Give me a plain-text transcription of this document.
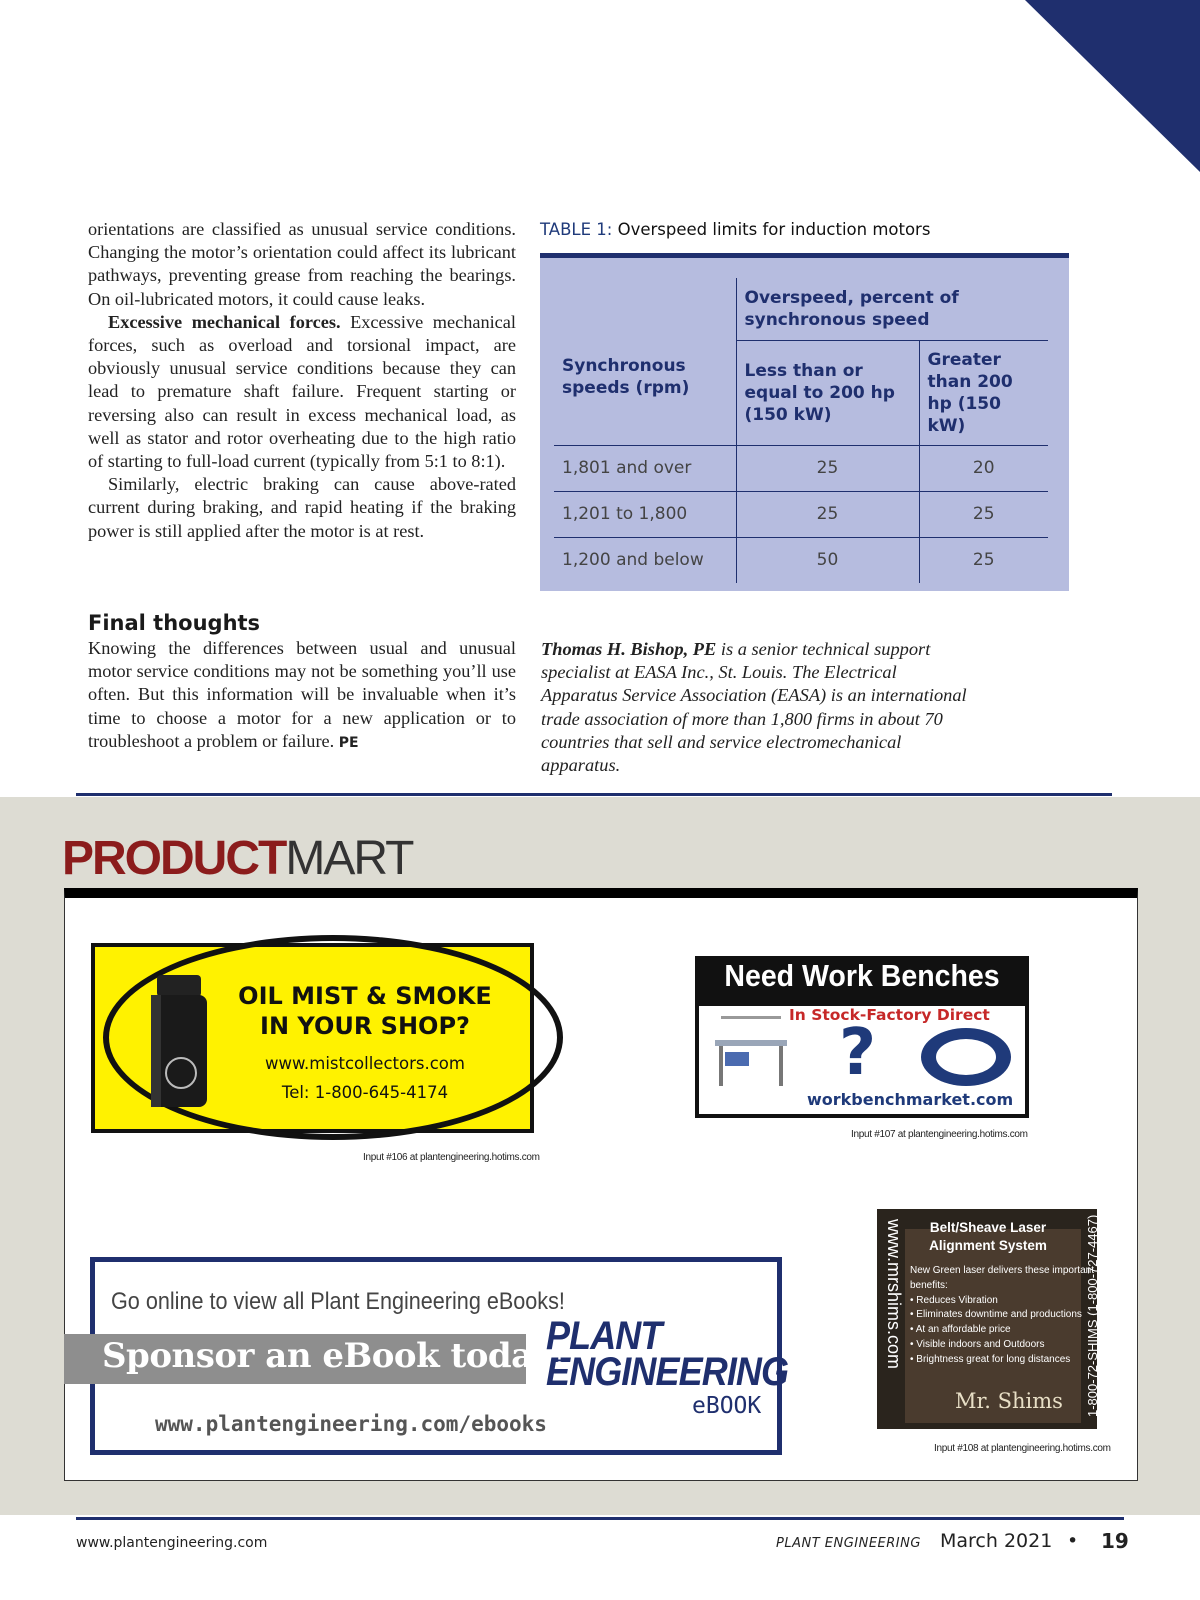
orientations are classified as unusual service conditions. Changing the motor’s orientation could affect its lubricant pathways, preventing grease from reaching the bearings. On oil-lubricated motors, it could cause leaks.

Excessive mechanical forces. Excessive mechanical forces, such as overload and torsional impact, are obviously unusual service conditions because they can lead to premature shaft failure. Frequent starting or reversing also can result in excess mechanical load, as well as stator and rotor overheating due to the high ratio of starting to full-load current (typically from 5:1 to 8:1).

Similarly, electric braking can cause above-rated current during braking, and rapid heating if the braking power is still applied after the motor is at rest.

Final thoughts
Knowing the differences between usual and unusual motor service conditions may not be something you’ll use often. But this information will be invaluable when it’s time to choose a motor for a new application or to troubleshoot a problem or failure. PE
TABLE 1: Overspeed limits for induction motors
Synchronous speeds (rpm)	Overspeed, percent of synchronous speed	
	Less than or equal to 200 hp (150 kW)	Greater than 200 hp (150 kW)
1,801 and over	25	20
1,201 to 1,800	25	25
1,200 and below	50	25
Thomas H. Bishop, PE is a senior technical support specialist at EASA Inc., St. Louis. The Electrical Apparatus Service Association (EASA) is an international trade association of more than 1,800 firms in about 70 countries that sell and service electromechanical apparatus.
PRODUCTMART
OIL MIST & SMOKE IN YOUR SHOP?
www.mistcollectors.com
Tel: 1-800-645-4174
Input #106 at plantengineering.hotims.com
Need Work Benches
In Stock-Factory Direct
?
workbenchmarket.com
Input #107 at plantengineering.hotims.com
www.mrshims.com	1-800-72-SHIMS (1-800-727-4467)
Belt/Sheave Laser Alignment System
New Green laser delivers these important benefits:
• Reduces Vibration
• Eliminates downtime and productions
• At an affordable price
• Visible indoors and Outdoors
• Brightness great for long distances
Mr. Shims
Input #108 at plantengineering.hotims.com
Go online to view all Plant Engineering eBooks!
www.plantengineering.com/ebooks
PLANT ENGINEERING
eBOOK
Sponsor an eBook today!
www.plantengineering.com	PLANT ENGINEERING March 2021 • 19
